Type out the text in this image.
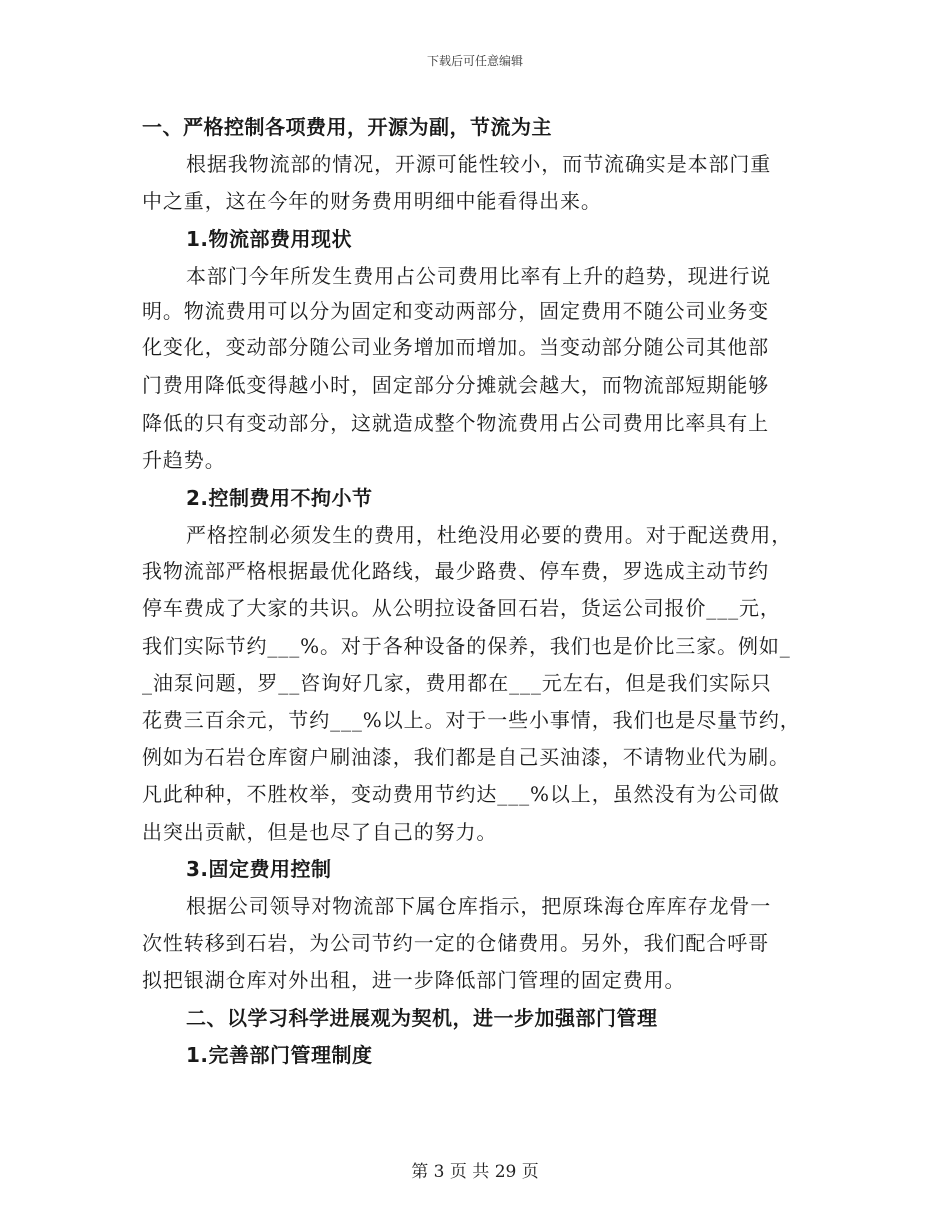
下载后可任意编辑
一、严格控制各项费用，开源为副，节流为主
根据我物流部的情况，开源可能性较小，而节流确实是本部门重
中之重，这在今年的财务费用明细中能看得出来。
1.物流部费用现状
本部门今年所发生费用占公司费用比率有上升的趋势，现进行说
明。物流费用可以分为固定和变动两部分，固定费用不随公司业务变
化变化，变动部分随公司业务增加而增加。当变动部分随公司其他部
门费用降低变得越小时，固定部分分摊就会越大，而物流部短期能够
降低的只有变动部分，这就造成整个物流费用占公司费用比率具有上
升趋势。
2.控制费用不拘小节
严格控制必须发生的费用，杜绝没用必要的费用。对于配送费用，
我物流部严格根据最优化路线，最少路费、停车费，罗选成主动节约
停车费成了大家的共识。从公明拉设备回石岩，货运公司报价___元，
我们实际节约___%。对于各种设备的保养，我们也是价比三家。例如_
_油泵问题，罗__咨询好几家，费用都在___元左右，但是我们实际只
花费三百余元，节约___%以上。对于一些小事情，我们也是尽量节约，
例如为石岩仓库窗户刷油漆，我们都是自己买油漆，不请物业代为刷。
凡此种种，不胜枚举，变动费用节约达___%以上，虽然没有为公司做
出突出贡献，但是也尽了自己的努力。
3.固定费用控制
根据公司领导对物流部下属仓库指示，把原珠海仓库库存龙骨一
次性转移到石岩，为公司节约一定的仓储费用。另外，我们配合呼哥
拟把银湖仓库对外出租，进一步降低部门管理的固定费用。
二、以学习科学进展观为契机，进一步加强部门管理
1.完善部门管理制度
第 3 页 共 29 页
